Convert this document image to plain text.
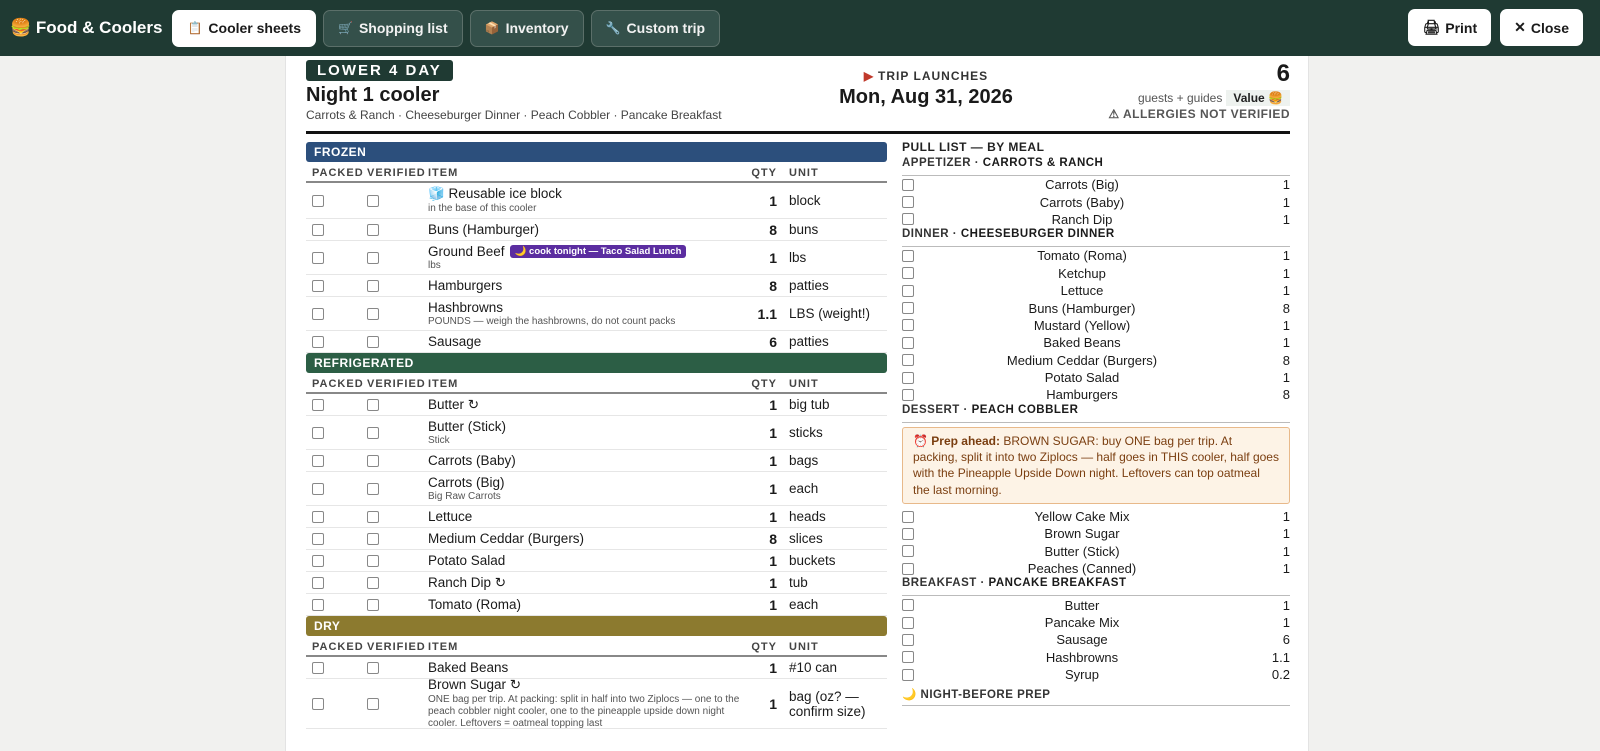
🍔 Food & Coolers 📋 Cooler sheets	🛒 Shopping list	📦 Inventory	🔧 Custom trip	🖨 Print	✕ Close
LOWER 4 DAY
Night 1 cooler
Carrots & Ranch · Cheeseburger Dinner · Peach Cobbler · Pancake Breakfast
▶ TRIP LAUNCHES
Mon, Aug 31, 2026
6
guests + guides Value 🍔
⚠ ALLERGIES NOT VERIFIED
FROZEN
PACKED VERIFIED ITEM	QTY	UNIT
🧊 Reusable ice block
in the base of this cooler	1 block
Buns (Hamburger)	8 buns
Ground Beef 🌙 cook tonight — Taco Salad Lunch
lbs	1 lbs
Hamburgers	8 patties
Hashbrowns
POUNDS — weigh the hashbrowns, do not count packs	1.1 LBS (weight!)
Sausage	6 patties
REFRIGERATED
PACKED VERIFIED ITEM	QTY	UNIT
Butter ↻	1 big tub
Butter (Stick)
Stick	1 sticks
Carrots (Baby)	1 bags
Carrots (Big)
Big Raw Carrots	1 each
Lettuce	1 heads
Medium Ceddar (Burgers)	8 slices
Potato Salad	1 buckets
Ranch Dip ↻	1 tub
Tomato (Roma)	1 each
DRY
PACKED VERIFIED ITEM	QTY	UNIT
Baked Beans	1 #10 can
Brown Sugar ↻
ONE bag per trip. At packing: split in half into two Ziplocs — one to the peach cobbler night cooler, one to the pineapple upside down night cooler. Leftovers = oatmeal topping last
1 bag (oz? — confirm size)
PULL LIST — BY MEAL
APPETIZER · CARROTS & RANCH
Carrots (Big)	1
Carrots (Baby)	1
Ranch Dip	1
DINNER · CHEESEBURGER DINNER
Tomato (Roma)	1
Ketchup	1
Lettuce	1
Buns (Hamburger)	8
Mustard (Yellow)	1
Baked Beans	1
Medium Ceddar (Burgers)	8
Potato Salad	1
Hamburgers	8
DESSERT · PEACH COBBLER
⏰ Prep ahead: BROWN SUGAR: buy ONE bag per trip. At packing, split it into two Ziplocs — half goes in THIS cooler, half goes with the Pineapple Upside Down night. Leftovers can top oatmeal the last morning.
Yellow Cake Mix	1
Brown Sugar	1
Butter (Stick)	1
Peaches (Canned)	1
BREAKFAST · PANCAKE BREAKFAST
Butter	1
Pancake Mix	1
Sausage	6
Hashbrowns	1.1
Syrup	0.2
🌙 NIGHT-BEFORE PREP
